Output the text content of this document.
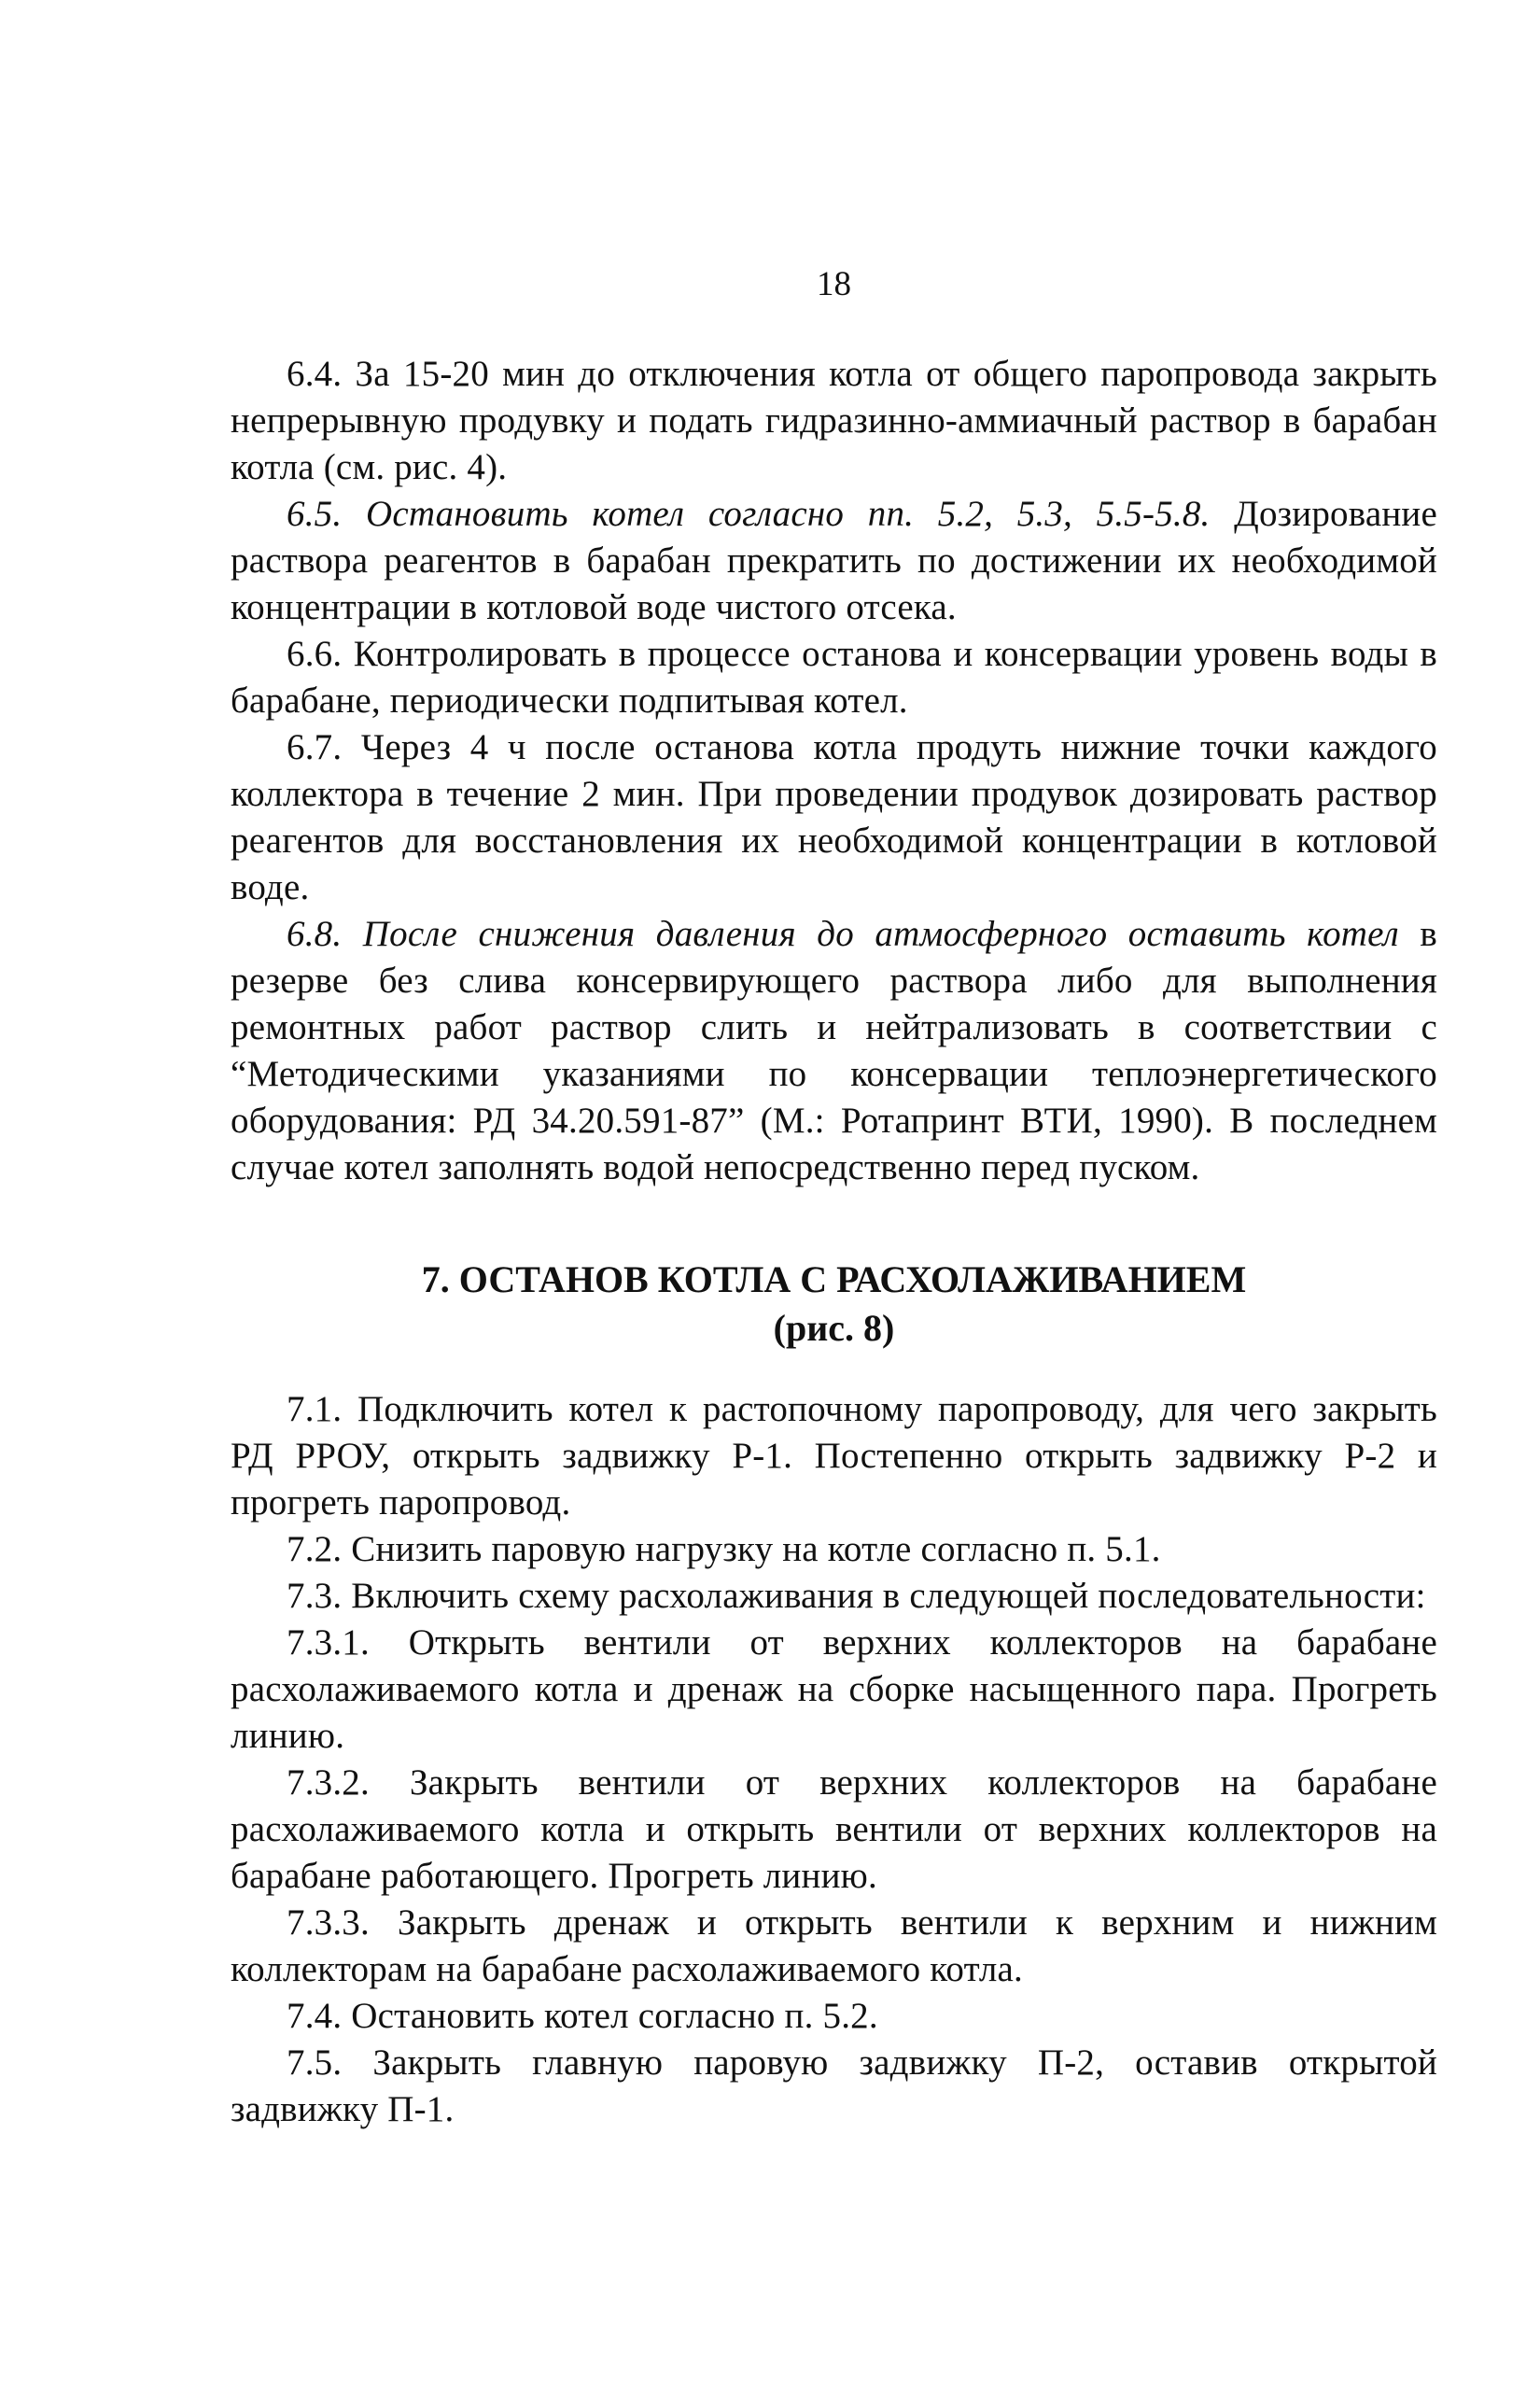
18

6.4. За 15-20 мин до отключения котла от общего паропровода закрыть непрерывную продувку и подать гидразинно-аммиачный раствор в барабан котла (см. рис. 4).

6.5. Остановить котел согласно пп. 5.2, 5.3, 5.5-5.8. Дозирование раствора реагентов в барабан прекратить по достижении их необходимой концентрации в котловой воде чистого отсека.

6.6. Контролировать в процессе останова и консервации уровень воды в барабане, периодически подпитывая котел.

6.7. Через 4 ч после останова котла продуть нижние точки каждого коллектора в течение 2 мин. При проведении продувок дозировать раствор реагентов для восстановления их необходимой концентрации в котловой воде.

6.8. После снижения давления до атмосферного оставить котел в резерве без слива консервирующего раствора либо для выполнения ремонтных работ раствор слить и нейтрализовать в соответствии с “Методическими указаниями по консервации теплоэнергетического оборудования: РД 34.20.591-87” (М.: Ротапринт ВТИ, 1990). В последнем случае котел заполнять водой непосредственно перед пуском.

7. ОСТАНОВ КОТЛА С РАСХОЛАЖИВАНИЕМ
(рис. 8)

7.1. Подключить котел к растопочному паропроводу, для чего закрыть РД РРОУ, открыть задвижку Р-1. Постепенно открыть задвижку Р-2 и прогреть паропровод.

7.2. Снизить паровую нагрузку на котле согласно п. 5.1.

7.3. Включить схему расхолаживания в следующей последовательности:

7.3.1. Открыть вентили от верхних коллекторов на барабане расхолаживаемого котла и дренаж на сборке насыщенного пара. Прогреть линию.

7.3.2. Закрыть вентили от верхних коллекторов на барабане расхолаживаемого котла и открыть вентили от верхних коллекторов на барабане работающего. Прогреть линию.

7.3.3. Закрыть дренаж и открыть вентили к верхним и нижним коллекторам на барабане расхолаживаемого котла.

7.4. Остановить котел согласно п. 5.2.

7.5. Закрыть главную паровую задвижку П-2, оставив открытой задвижку П-1.
